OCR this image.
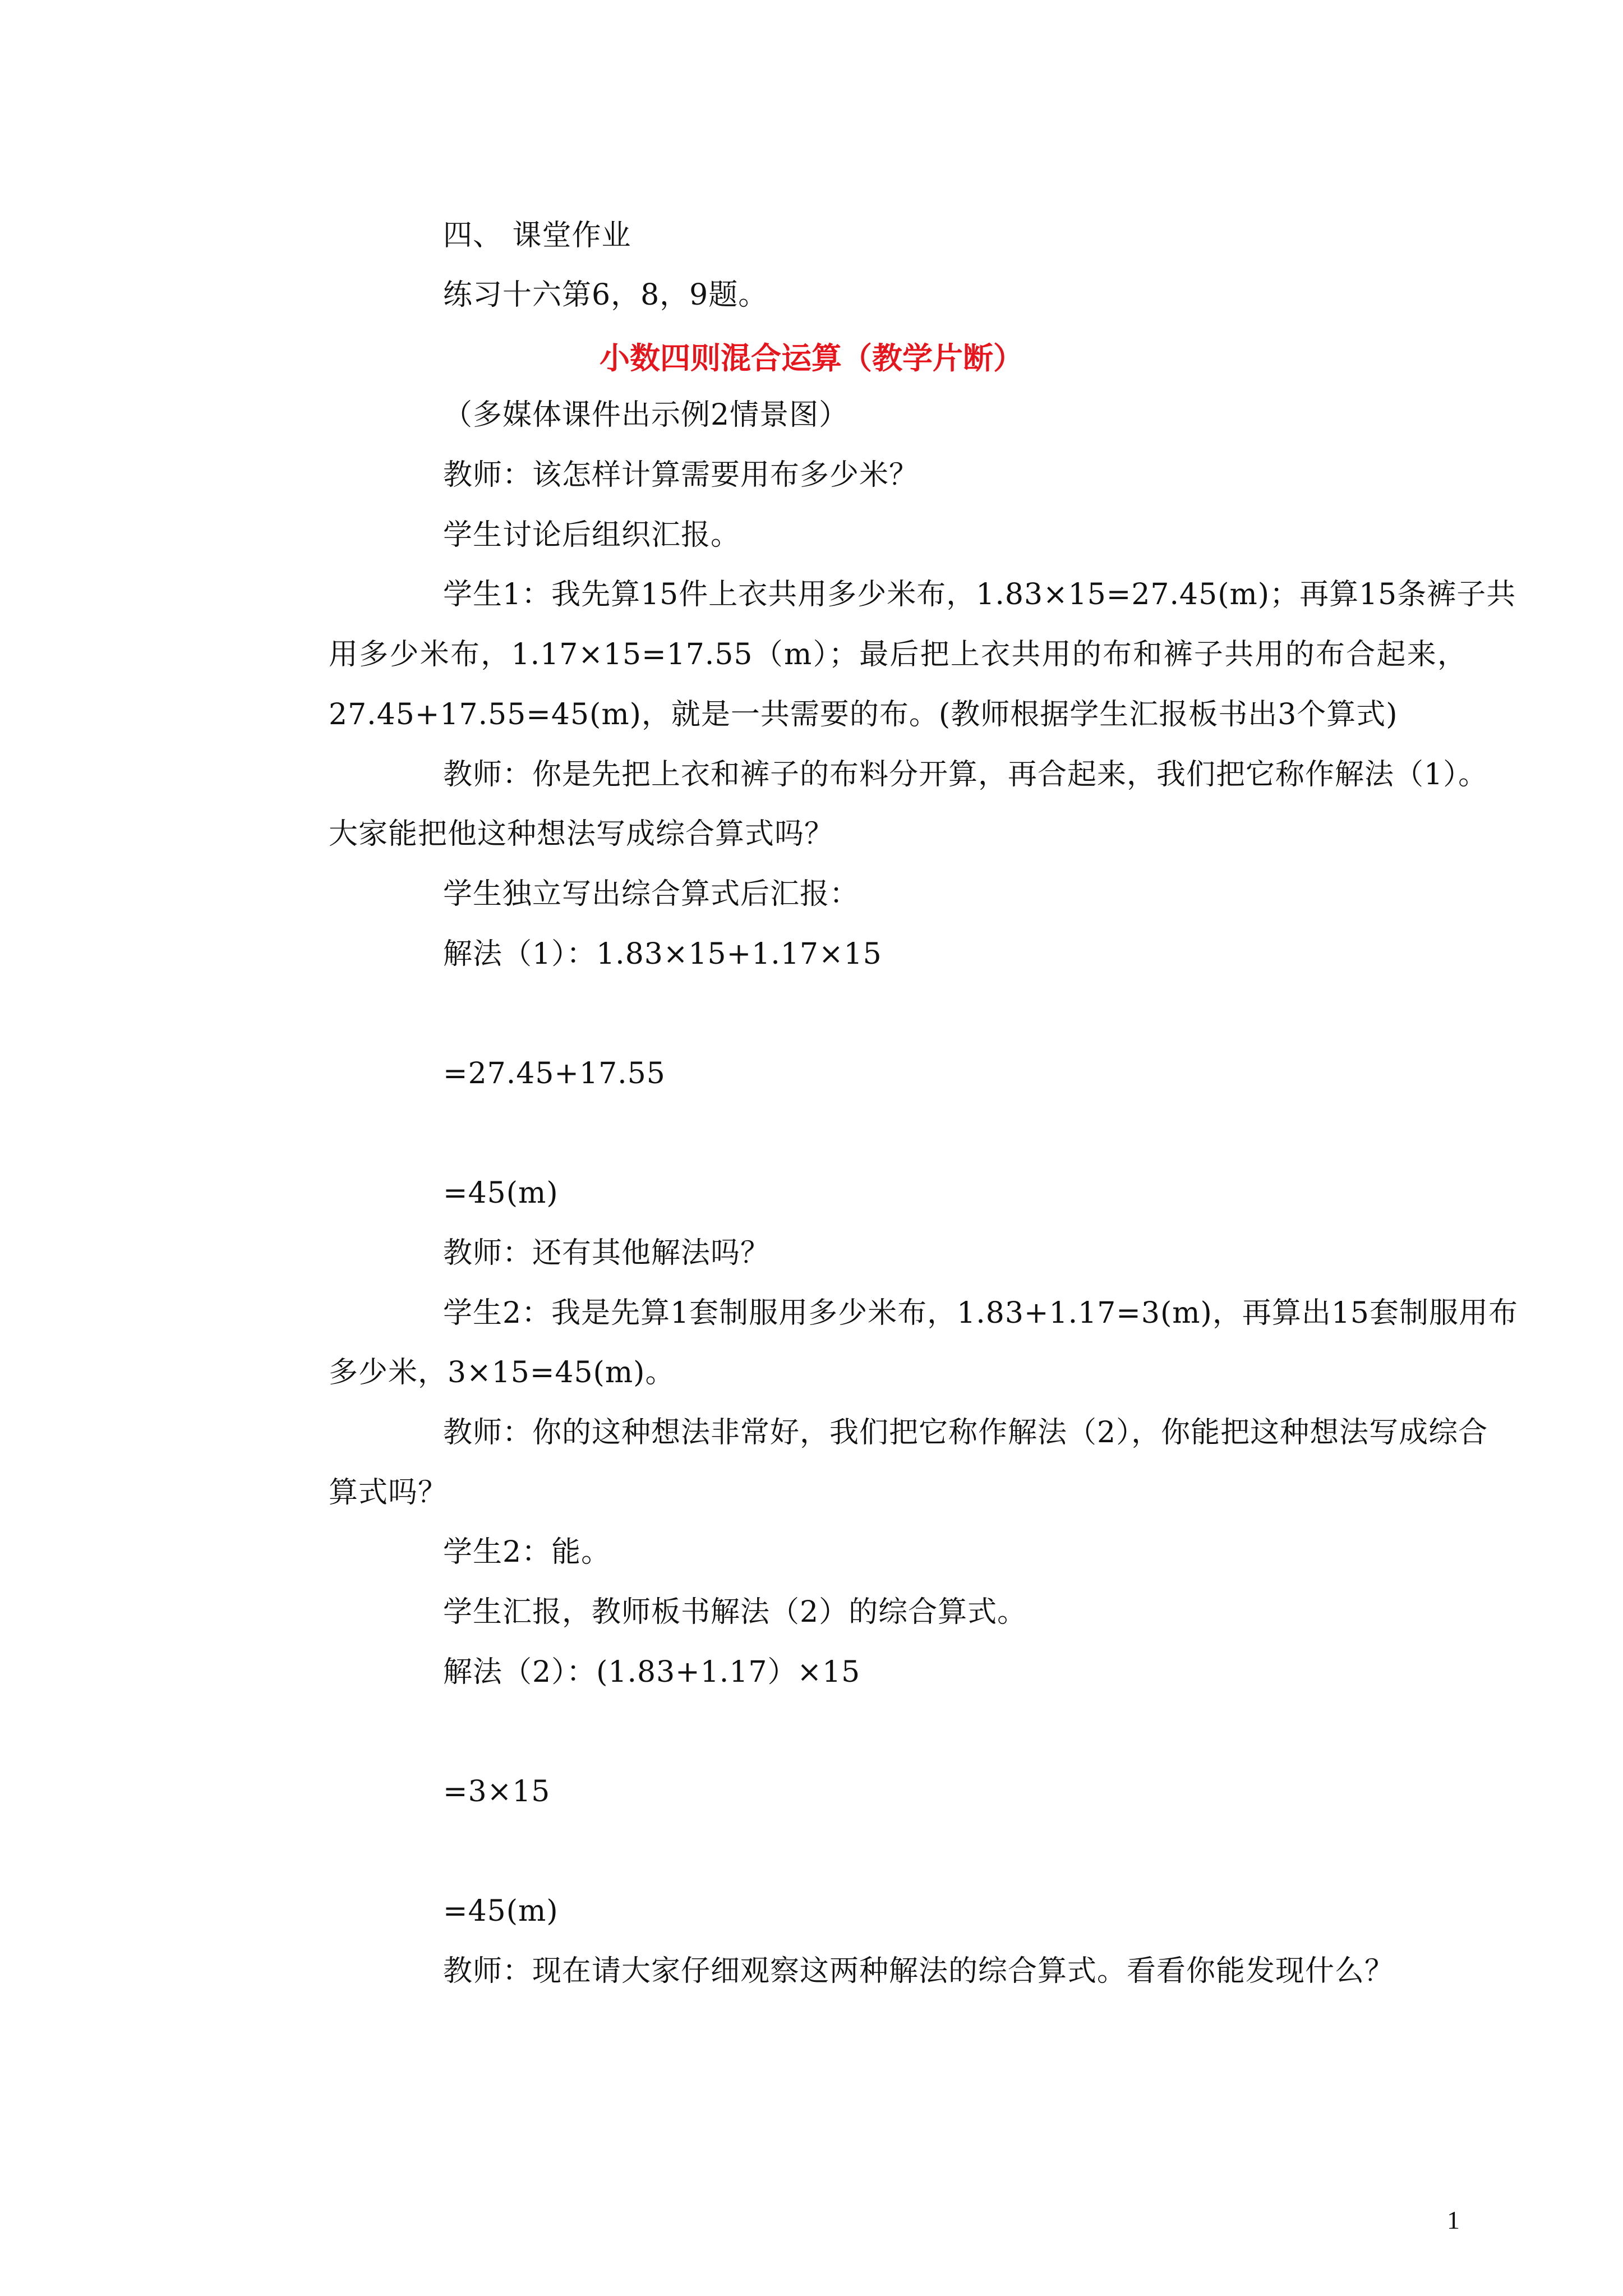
四、 课堂作业
练习十六第6，8，9题。
小数四则混合运算（教学片断）
（多媒体课件出示例2情景图）
教师：该怎样计算需要用布多少米？
学生讨论后组织汇报。
学生1：我先算15件上衣共用多少米布，1.83×15=27.45(m)；再算15条裤子共
用多少米布，1.17×15=17.55（m）；最后把上衣共用的布和裤子共用的布合起来，
27.45+17.55=45(m)，就是一共需要的布。(教师根据学生汇报板书出3个算式)
教师：你是先把上衣和裤子的布料分开算，再合起来，我们把它称作解法（1）。
大家能把他这种想法写成综合算式吗？
学生独立写出综合算式后汇报：
解法（1）：1.83×15+1.17×15
=27.45+17.55
=45(m)
教师：还有其他解法吗？
学生2：我是先算1套制服用多少米布，1.83+1.17=3(m)，再算出15套制服用布
多少米，3×15=45(m)。
教师：你的这种想法非常好，我们把它称作解法（2），你能把这种想法写成综合
算式吗？
学生2：能。
学生汇报，教师板书解法（2）的综合算式。
解法（2）：(1.83+1.17）×15
=3×15
=45(m)
教师：现在请大家仔细观察这两种解法的综合算式。看看你能发现什么？
1
